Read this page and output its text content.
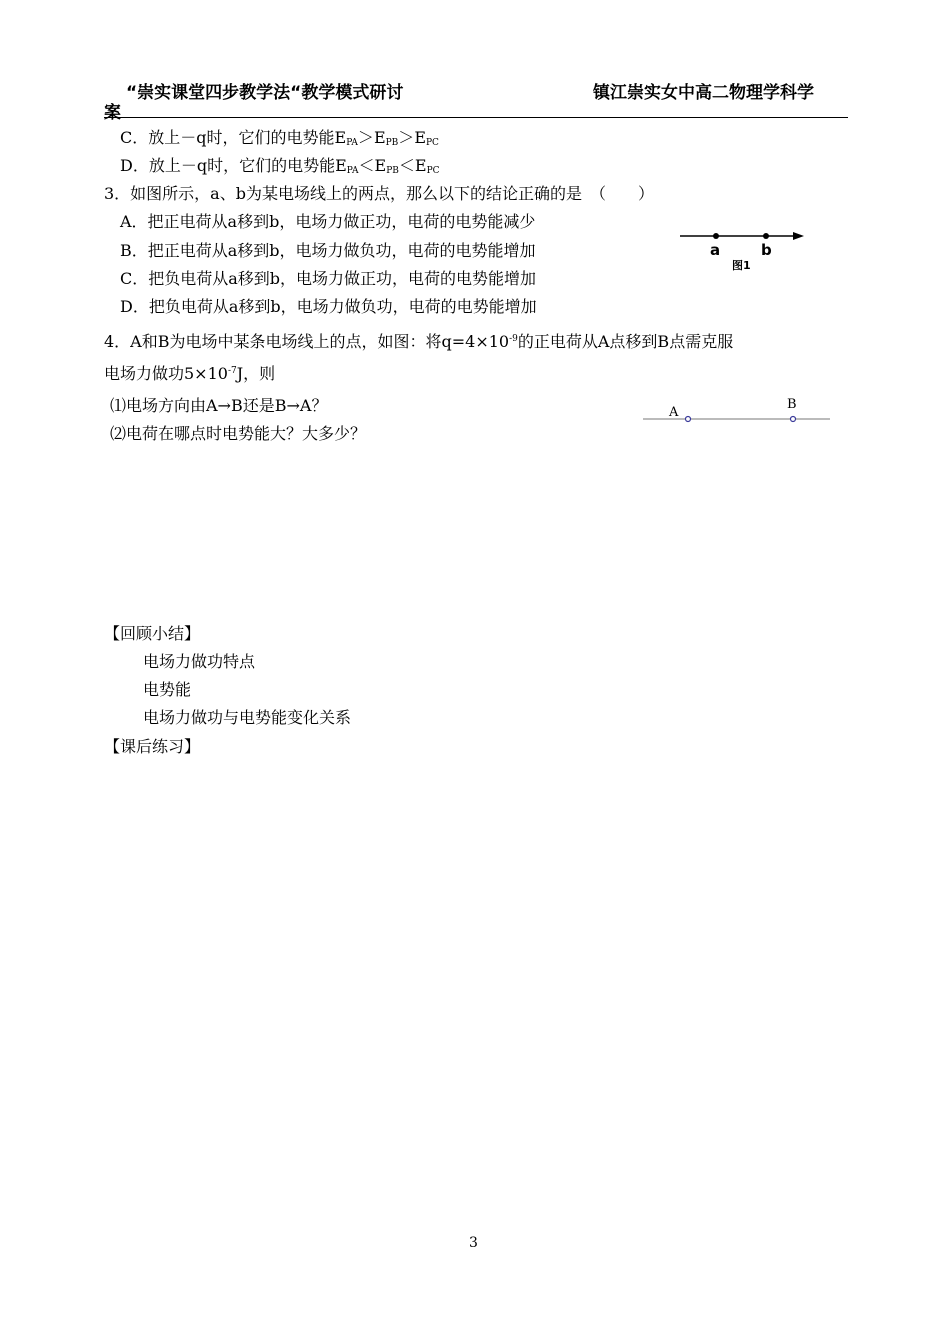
“崇实课堂四步教学法“教学模式研讨
案
镇江崇实女中高二物理学科学
C．放上－q时，它们的电势能$E_{PA}>E_{PB}>E_{PC}$
D．放上－q时，它们的电势能$E_{PA}<E_{PB}<E_{PC}$
3．如图所示，a、b为某电场线上的两点，那么以下的结论正确的是　（　　）
A．把正电荷从a移到b，电场力做正功，电荷的电势能减少
B．把正电荷从a移到b，电场力做负功，电荷的电势能增加
C．把负电荷从a移到b，电场力做正功，电荷的电势能增加
D．把负电荷从a移到b，电场力做负功，电荷的电势能增加
a	b
图1
4．A和B为电场中某条电场线上的点，如图：将$q=4\times 10^{-9}$的正电荷从A点移到B点需克服
电场力做功$5\times 10^{-7}J$，则
⑴电场方向由A→B还是B→A？
⑵电荷在哪点时电势能大？大多少？
A
B
【回顾小结】
电场力做功特点
电势能
电场力做功与电势能变化关系
【课后练习】
3
